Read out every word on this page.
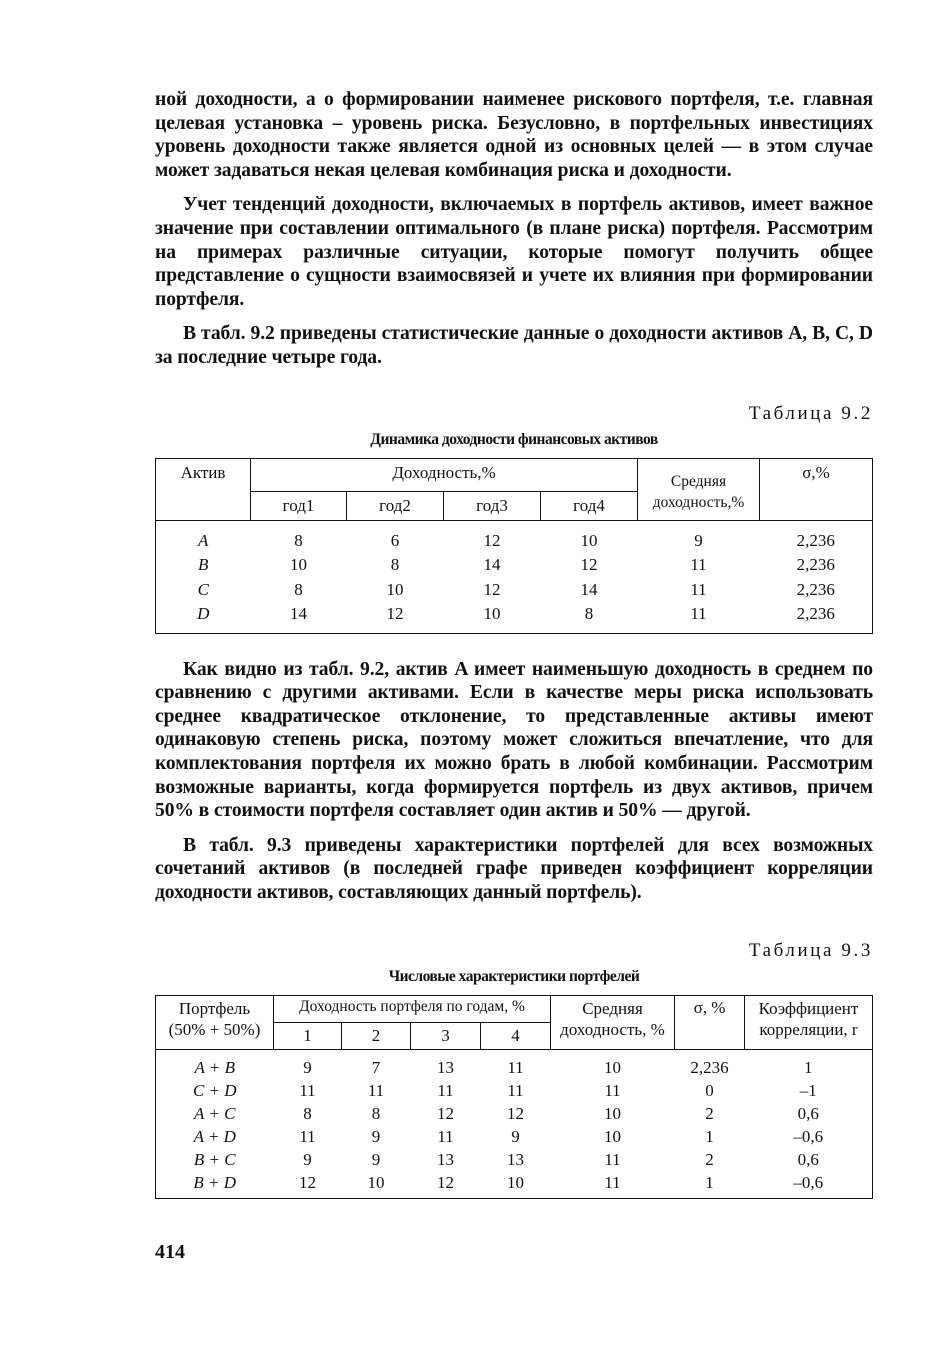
ной доходности, а о формировании наименее рискового портфеля, т.е. главная целевая установка – уровень риска. Безусловно, в портфельных инвестициях уровень доходности также является одной из основных целей — в этом случае может задаваться некая целевая комбинация риска и доходности.

Учет тенденций доходности, включаемых в портфель активов, имеет важное значение при составлении оптимального (в плане риска) портфеля. Рассмотрим на примерах различные ситуации, которые помогут получить общее представление о сущности взаимосвязей и учете их влияния при формировании портфеля.

В табл. 9.2 приведены статистические данные о доходности активов A, B, C, D за последние четыре года.

Таблица 9.2
Динамика доходности финансовых активов
Актив	Доходность,%				Средняя доходность,%	σ,%
	год1	год2	год3	год4		
A	8	6	12	10	9	2,236
B	10	8	14	12	11	2,236
C	8	10	12	14	11	2,236
D	14	12	10	8	11	2,236

Как видно из табл. 9.2, актив A имеет наименьшую доходность в среднем по сравнению с другими активами. Если в качестве меры риска использовать среднее квадратическое отклонение, то представленные активы имеют одинаковую степень риска, поэтому может сложиться впечатление, что для комплектования портфеля их можно брать в любой комбинации. Рассмотрим возможные варианты, когда формируется портфель из двух активов, причем 50% в стоимости портфеля составляет один актив и 50% — другой.

В табл. 9.3 приведены характеристики портфелей для всех возможных сочетаний активов (в последней графе приведен коэффициент корреляции доходности активов, составляющих данный портфель).

Таблица 9.3
Числовые характеристики портфелей
Портфель (50% + 50%)	Доходность портфеля по годам, %				Средняя доходность, %	σ, %	Коэффициент корреляции, r
	1	2	3	4			
A + B	9	7	13	11	10	2,236	1
C + D	11	11	11	11	11	0	–1
A + C	8	8	12	12	10	2	0,6
A + D	11	9	11	9	10	1	–0,6
B + C	9	9	13	13	11	2	0,6
B + D	12	10	12	10	11	1	–0,6
414
